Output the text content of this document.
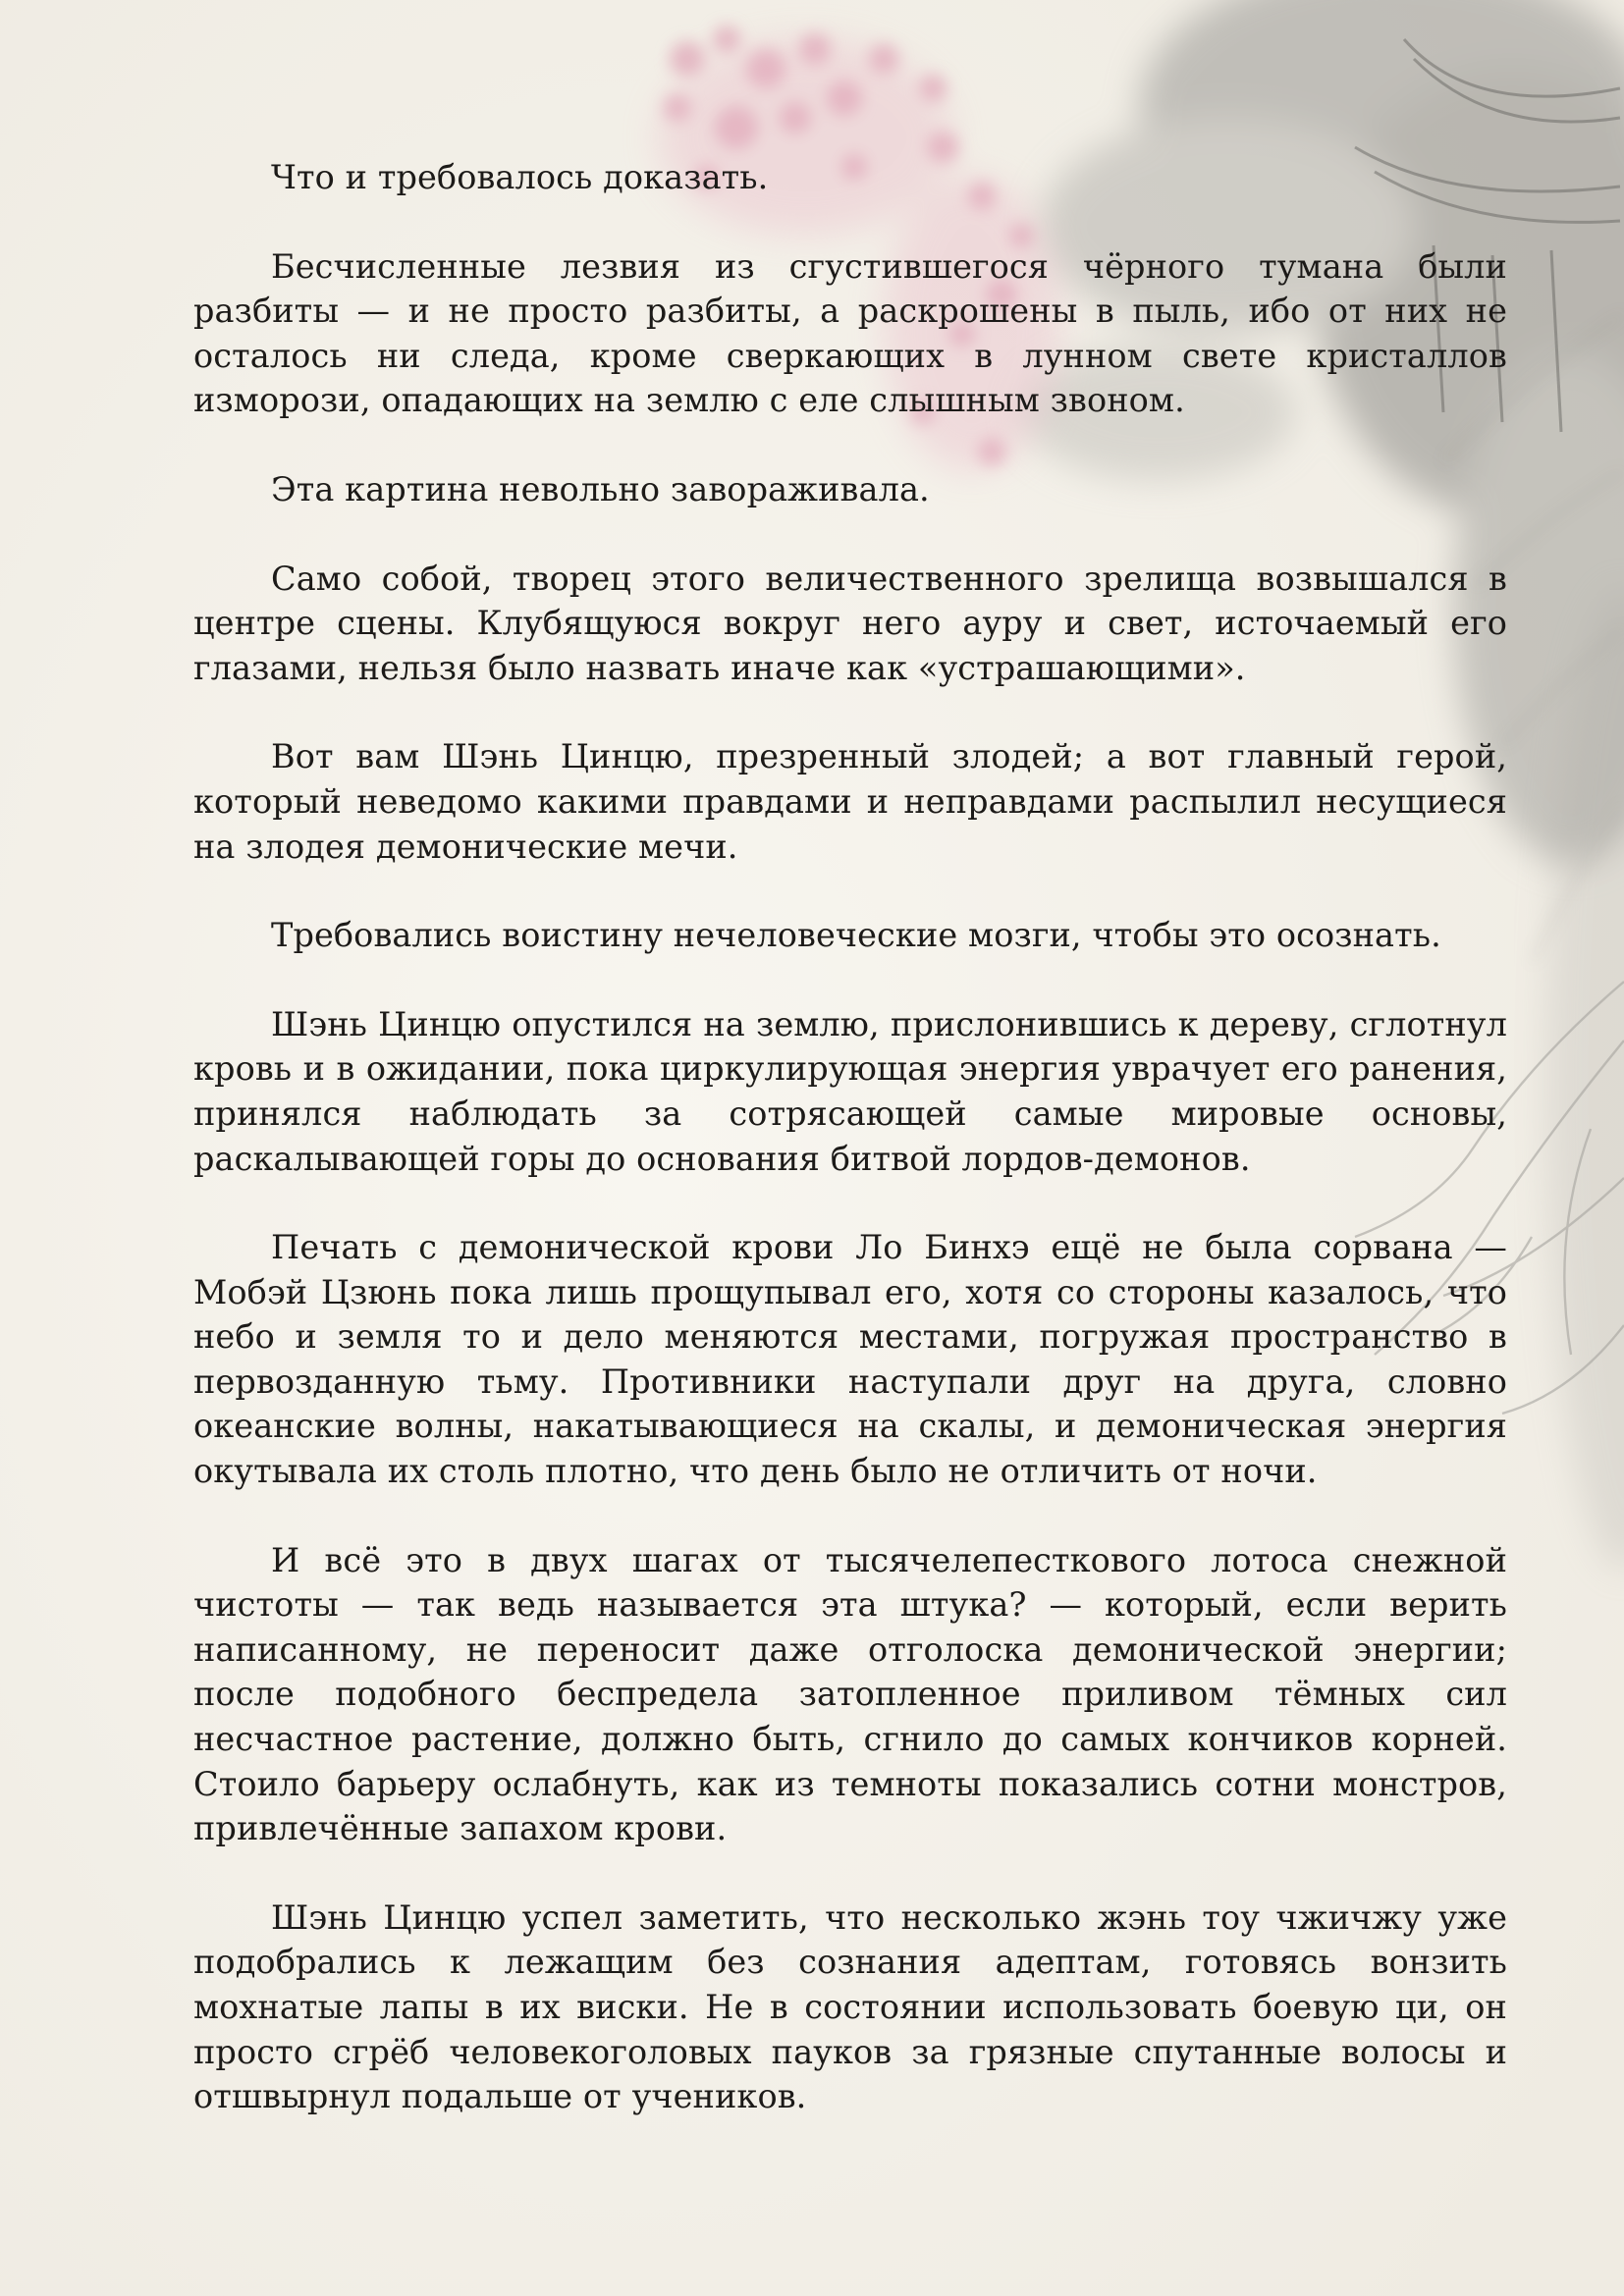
Что и требовалось доказать.

Бесчисленные лезвия из сгустившегося чёрного тумана были разбиты — и не просто разбиты, а раскрошены в пыль, ибо от них не осталось ни следа, кроме сверкающих в лунном свете кристаллов изморози, опадающих на землю с еле слышным звоном.

Эта картина невольно завораживала.

Само собой, творец этого величественного зрелища возвышался в центре сцены. Клубящуюся вокруг него ауру и свет, источаемый его глазами, нельзя было назвать иначе как «устрашающими».

Вот вам Шэнь Цинцю, презренный злодей; а вот главный герой, который неведомо какими правдами и неправдами распылил несущиеся на злодея демонические мечи.

Требовались воистину нечеловеческие мозги, чтобы это осознать.

Шэнь Цинцю опустился на землю, прислонившись к дереву, сглотнул кровь и в ожидании, пока циркулирующая энергия уврачует его ранения, принялся наблюдать за сотрясающей самые мировые основы, раскалывающей горы до основания битвой лордов-демонов.

Печать с демонической крови Ло Бинхэ ещё не была сорвана — Мобэй Цзюнь пока лишь прощупывал его, хотя со стороны казалось, что небо и земля то и дело меняются местами, погружая пространство в первозданную тьму. Противники наступали друг на друга, словно океанские волны, накатывающиеся на скалы, и демоническая энергия окутывала их столь плотно, что день было не отличить от ночи.

И всё это в двух шагах от тысячелепесткового лотоса снежной чистоты — так ведь называется эта штука? — который, если верить написанному, не переносит даже отголоска демонической энергии; после подобного беспредела затопленное приливом тёмных сил несчастное растение, должно быть, сгнило до самых кончиков корней. Стоило барьеру ослабнуть, как из темноты показались сотни монстров, привлечённые запахом крови.

Шэнь Цинцю успел заметить, что несколько жэнь тоу чжичжу уже подобрались к лежащим без сознания адептам, готовясь вонзить мохнатые лапы в их виски. Не в состоянии использовать боевую ци, он просто сгрёб человекоголовых пауков за грязные спутанные волосы и отшвырнул подальше от учеников.
